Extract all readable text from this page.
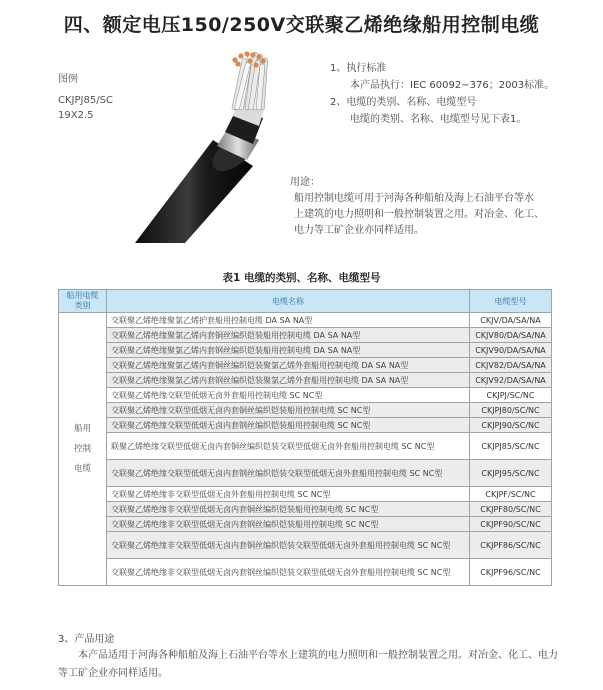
四、额定电压150/250V交联聚乙烯绝缘船用控制电缆
图例
CKJPJ85/SC
19X2.5
1、执行标准
本产品执行：IEC 60092−376；2003标准。
2、电缆的类别、名称、电缆型号
电缆的类别、名称、电缆型号见下表1。
用途：
船用控制电缆可用于河海各种船舶及海上石油平台等水
上建筑的电力照明和一般控制装置之用。对冶金、化工、
电力等工矿企业亦同样适用。
表1 电缆的类别、名称、电缆型号
船用电缆类别	电缆名称	电缆型号

船用
控制
电缆	交联聚乙烯绝缘聚氯乙烯护套船用控制电缆 DA SA NA型	CKJV/DA/SA/NA
	交联聚乙烯绝缘聚氯乙烯内套铜丝编织铠装船用控制电缆 DA SA NA型	CKJV80/DA/SA/NA
	交联聚乙烯绝缘聚氯乙烯内套钢丝编织铠装船用控制电缆 DA SA NA型	CKJV90/DA/SA/NA
	交联聚乙烯绝缘聚氯乙烯内套铜丝编织铠装聚氯乙烯外套船用控制电缆 DA SA NA型	CKJV82/DA/SA/NA
	交联聚乙烯绝缘聚氯乙烯内套钢丝编织铠装聚氯乙烯外套船用控制电缆 DA SA NA型	CKJV92/DA/SA/NA
	交联聚乙烯绝缘交联型低烟无卤外套船用控制电缆 SC NC型	CKJPJ/SC/NC
	交联聚乙烯绝缘交联型低烟无卤内套铜丝编织铠装船用控制电缆 SC NC型	CKJPJ80/SC/NC
	交联聚乙烯绝缘交联型低烟无卤内套钢丝编织铠装船用控制电缆 SC NC型	CKJPJ90/SC/NC
	联聚乙烯绝缘交联型低烟无卤内套铜丝编织铠装交联型低烟无卤外套船用控制电缆 SC NC型	CKJPJ85/SC/NC
	交联聚乙烯绝缘交联型低烟无卤内套钢丝编织铠装交联型低烟无卤外套船用控制电缆 SC NC型	CKJPJ95/SC/NC
	交联聚乙烯绝缘非交联型低烟无卤外套船用控制电缆 SC NC型	CKJPF/SC/NC
	交联聚乙烯绝缘非交联型低烟无卤内套铜丝编织铠装船用控制电缆 SC NC型	CKJPF80/SC/NC
	交联聚乙烯绝缘非交联型低烟无卤内套钢丝编织铠装船用控制电缆 SC NC型	CKJPF90/SC/NC
	交联聚乙烯绝缘非交联型低烟无卤内套铜丝编织铠装交联型低烟无卤外套船用控制电缆 SC NC型	CKJPF86/SC/NC
	交联聚乙烯绝缘非交联型低烟无卤内套钢丝编织铠装交联型低烟无卤外套船用控制电缆 SC NC型	CKJPF96/SC/NC
3、产品用途
本产品适用于河海各种船舶及海上石油平台等水上建筑的电力照明和一般控制装置之用。对冶金、化工、电力等工矿企业亦同样适用。
